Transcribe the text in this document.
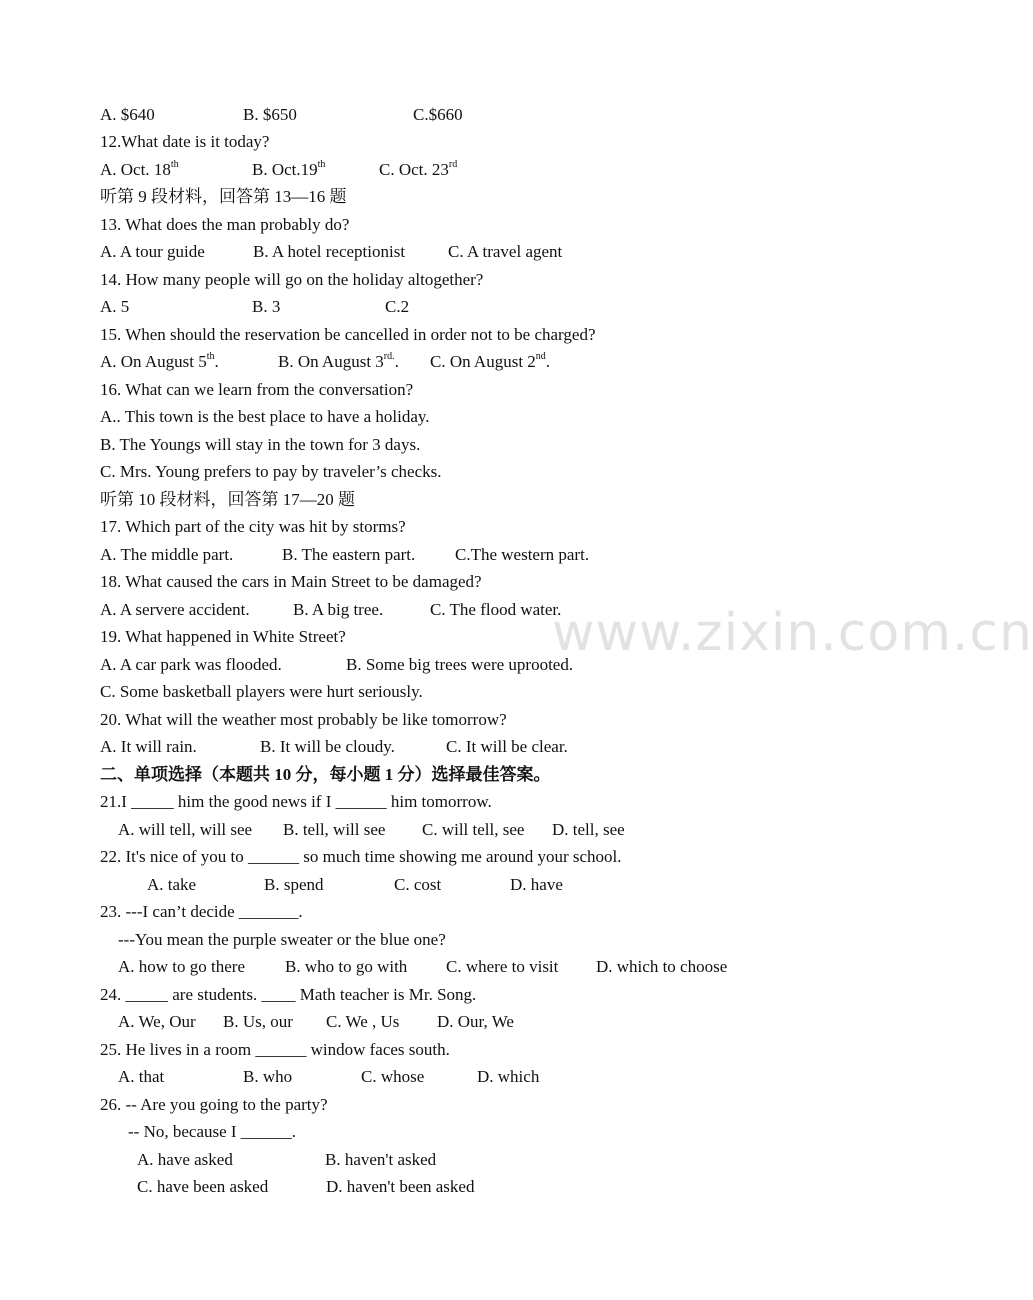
A. $640	B. $650	C.$660
12.What date is it today?
A. Oct. 18th	B. Oct.19th	C. Oct. 23rd
听第 9 段材料，回答第 13—16 题
13. What does the man probably do?
A. A tour guide	B. A hotel receptionist	C. A travel agent
14. How many people will go on the holiday altogether?
A. 5	B. 3	C.2
15. When should the reservation be cancelled in order not to be charged?
A. On August 5th.	B. On August $3^{rd.}$. C. On August 2nd.
16. What can we learn from the conversation?
A.. This town is the best place to have a holiday.
B. The Youngs will stay in the town for 3 days.
C. Mrs. Young prefers to pay by traveler’s checks.
听第 10 段材料，回答第 17—20 题
17. Which part of the city was hit by storms?
A. The middle part.	B. The eastern part. C.The western part.
18. What caused the cars in Main Street to be damaged?
A. A servere accident.	B. A big tree.	C. The flood water.
19. What happened in White Street?
A. A car park was flooded.	B. Some big trees were uprooted.
C. Some basketball players were hurt seriously.
20. What will the weather most probably be like tomorrow?
A. It will rain.	B. It will be cloudy.	C. It will be clear.
二、单项选择（本题共 10 分，每小题 1 分）选择最佳答案。
21.I _____ him the good news if I ______ him tomorrow.
A. will tell, will see B. tell, will see C. will tell, see D. tell, see
22. It's nice of you to ______ so much time showing me around your school.
A. take	B. spend	C. cost	D. have
23. ---I can’t decide _______.
---You mean the purple sweater or the blue one?
A. how to go there B. who to go with C. where to visit D. which to choose
24. _____ are students. ____ Math teacher is Mr. Song.
A. We, Our B. Us, our C. We , Us D. Our, We
25. He lives in a room ______ window faces south.
A. that	B. who	C. whose	D. which
26. -- Are you going to the party?
-- No, because I ______.
A. have asked	B. haven't asked
C. have been asked	D. haven't been asked
www.zixin.com.cn
